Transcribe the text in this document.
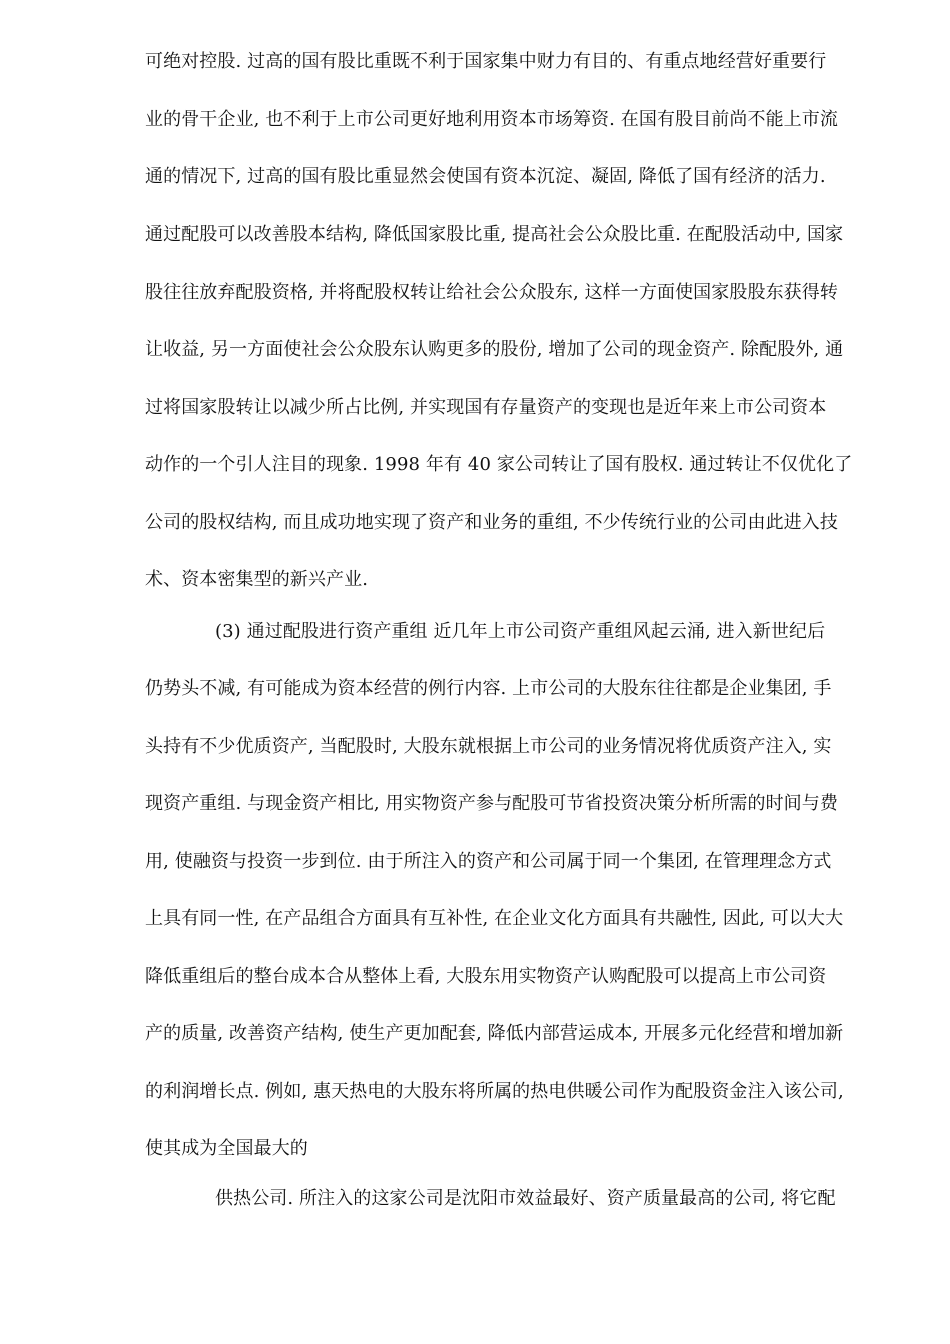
可绝对控股. 过高的国有股比重既不利于国家集中财力有目的、有重点地经营好重要行
业的骨干企业, 也不利于上市公司更好地利用资本市场筹资. 在国有股目前尚不能上市流
通的情况下, 过高的国有股比重显然会使国有资本沉淀、凝固, 降低了国有经济的活力.
通过配股可以改善股本结构, 降低国家股比重, 提高社会公众股比重. 在配股活动中, 国家
股往往放弃配股资格, 并将配股权转让给社会公众股东, 这样一方面使国家股股东获得转
让收益, 另一方面使社会公众股东认购更多的股份, 增加了公司的现金资产. 除配股外, 通
过将国家股转让以减少所占比例, 并实现国有存量资产的变现也是近年来上市公司资本
动作的一个引人注目的现象. 1998 年有 40 家公司转让了国有股权. 通过转让不仅优化了
公司的股权结构, 而且成功地实现了资产和业务的重组, 不少传统行业的公司由此进入技
术、资本密集型的新兴产业.
(3) 通过配股进行资产重组 近几年上市公司资产重组风起云涌, 进入新世纪后
仍势头不减, 有可能成为资本经营的例行内容. 上市公司的大股东往往都是企业集团, 手
头持有不少优质资产, 当配股时, 大股东就根据上市公司的业务情况将优质资产注入, 实
现资产重组. 与现金资产相比, 用实物资产参与配股可节省投资决策分析所需的时间与费
用, 使融资与投资一步到位. 由于所注入的资产和公司属于同一个集团, 在管理理念方式
上具有同一性, 在产品组合方面具有互补性, 在企业文化方面具有共融性, 因此, 可以大大
降低重组后的整台成本合从整体上看, 大股东用实物资产认购配股可以提高上市公司资
产的质量, 改善资产结构, 使生产更加配套, 降低内部营运成本, 开展多元化经营和增加新
的利润增长点. 例如, 惠天热电的大股东将所属的热电供暖公司作为配股资金注入该公司,
使其成为全国最大的
供热公司. 所注入的这家公司是沈阳市效益最好、资产质量最高的公司, 将它配
